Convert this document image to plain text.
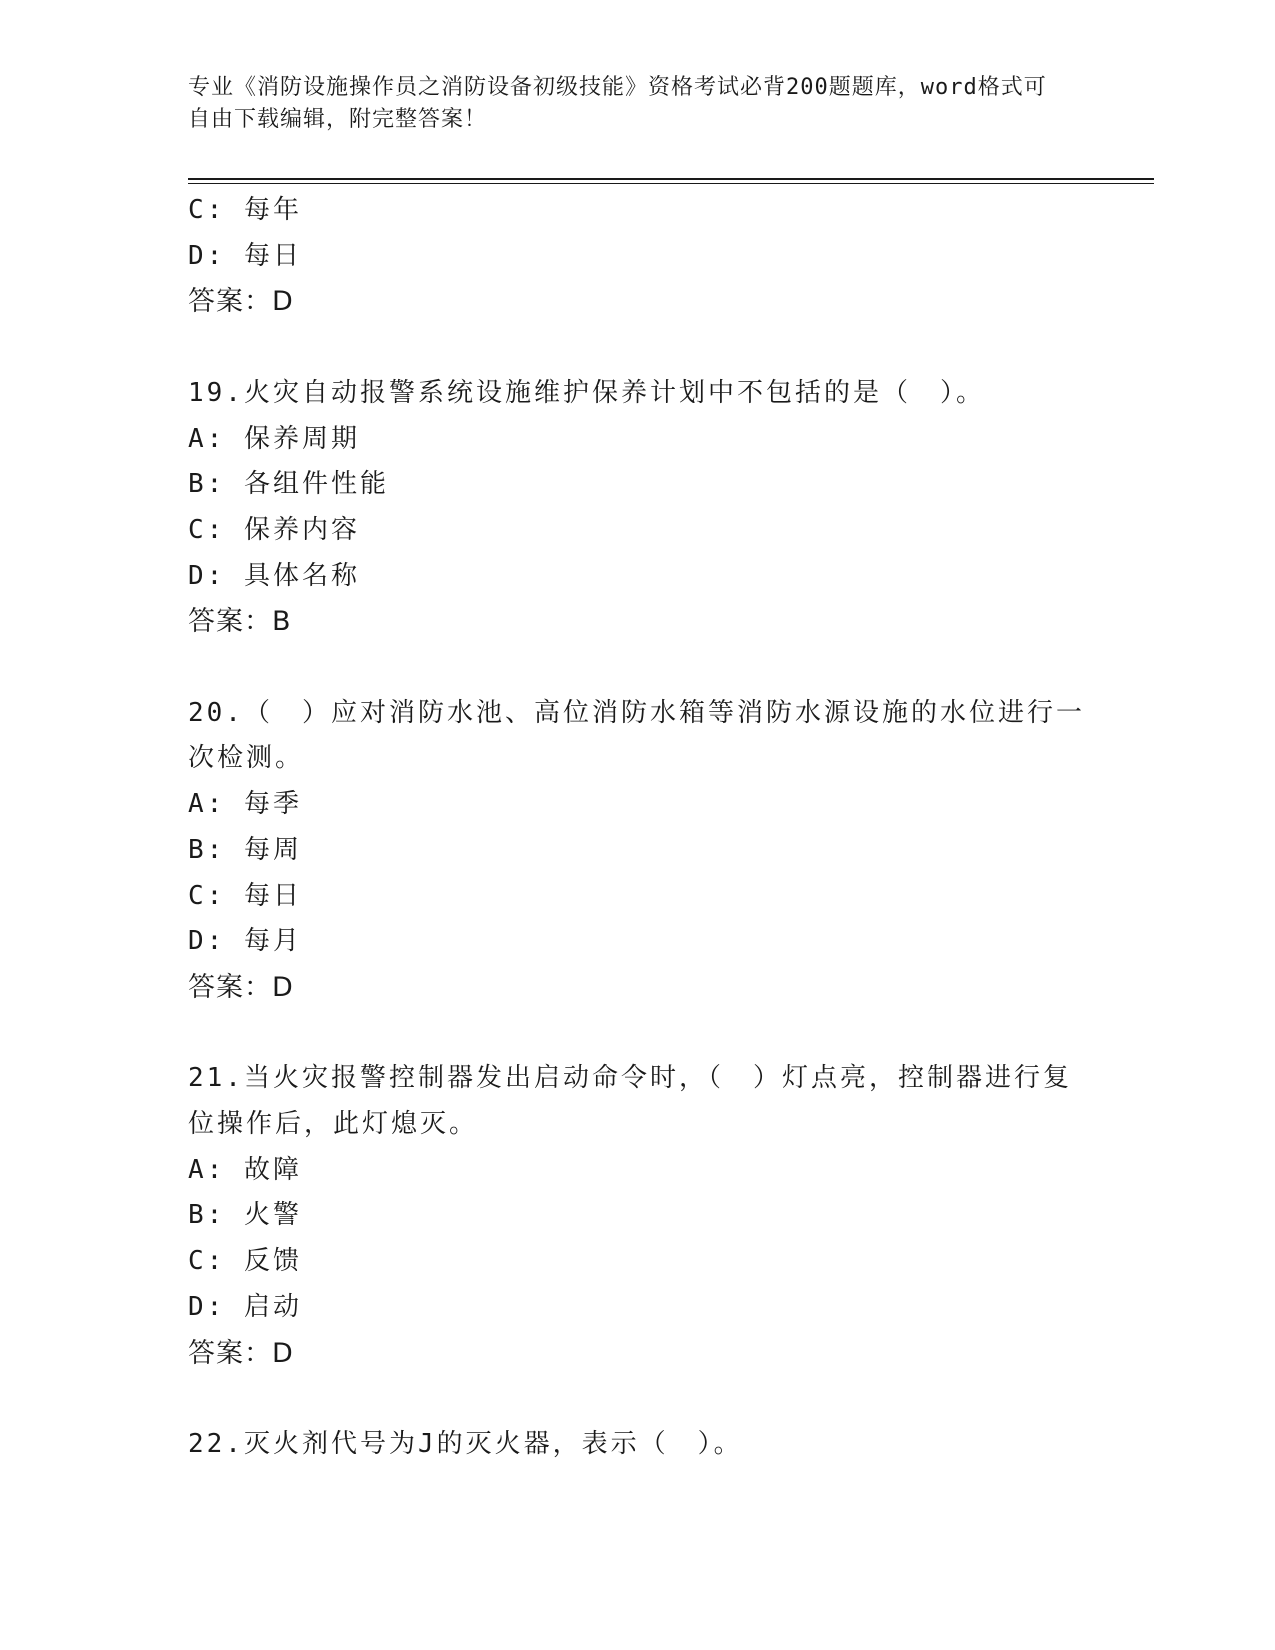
专业《消防设施操作员之消防设备初级技能》资格考试必背200题题库，word格式可自由下载编辑，附完整答案！
C: 每年
D: 每日
答案：D
19.火灾自动报警系统设施维护保养计划中不包括的是（　）。
A: 保养周期
B: 各组件性能
C: 保养内容
D: 具体名称
答案：B
20.（　）应对消防水池、高位消防水箱等消防水源设施的水位进行一
次检测。
A: 每季
B: 每周
C: 每日
D: 每月
答案：D
21.当火灾报警控制器发出启动命令时，（　）灯点亮，控制器进行复
位操作后，此灯熄灭。
A: 故障
B: 火警
C: 反馈
D: 启动
答案：D
22.灭火剂代号为J的灭火器，表示（　）。
